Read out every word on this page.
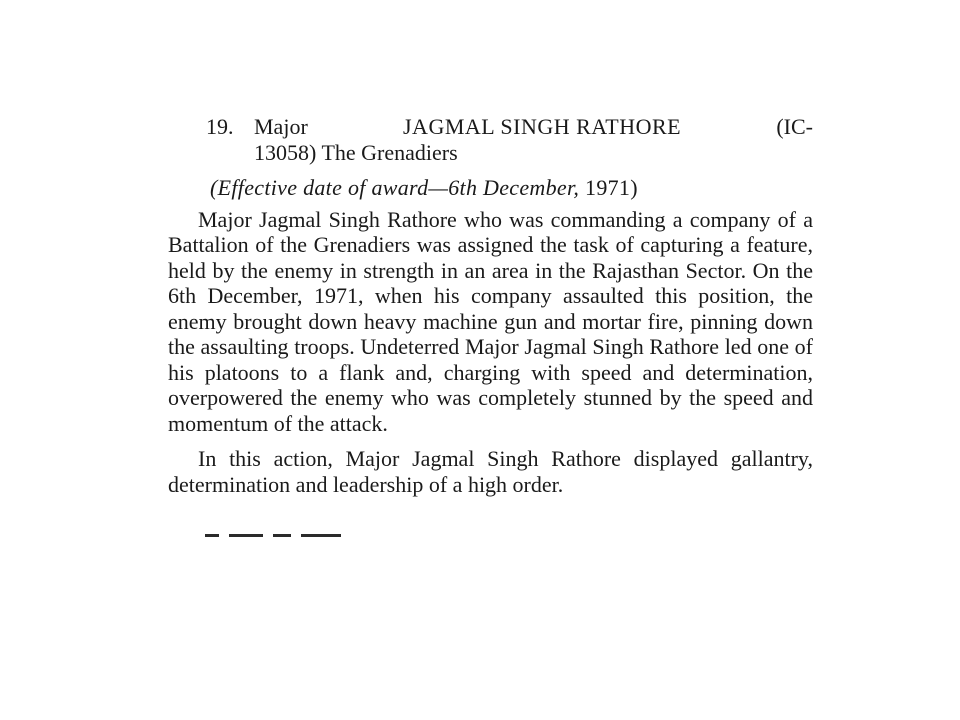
19. Major	JAGMAL SINGH RATHORE	(IC-
13058) The Grenadiers
(Effective date of award—6th December, 1971)

Major Jagmal Singh Rathore who was commanding a company of a Battalion of the Grenadiers was assigned the task of capturing a feature, held by the enemy in strength in an area in the Rajasthan Sector. On the 6th December, 1971, when his company assaulted this position, the enemy brought down heavy machine gun and mortar fire, pinning down the assaulting troops. Undeterred Major Jagmal Singh Rathore led one of his platoons to a flank and, charging with speed and determination, overpowered the enemy who was completely stunned by the speed and momentum of the attack.

In this action, Major Jagmal Singh Rathore displayed gallantry, determination and leadership of a high order.
